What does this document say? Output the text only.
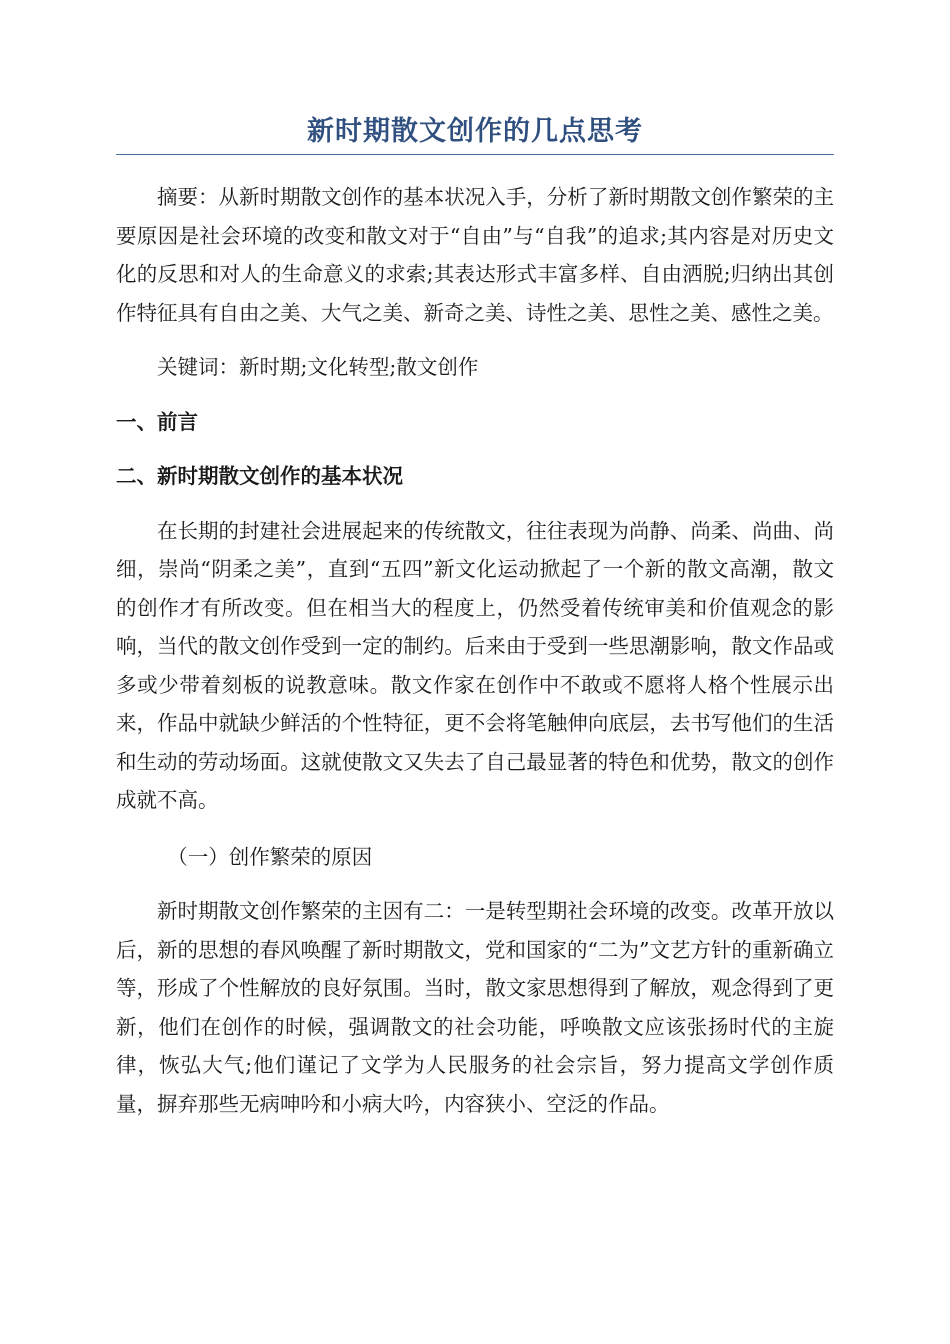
新时期散文创作的几点思考

摘要：从新时期散文创作的基本状况入手，分析了新时期散文创作繁荣的主要原因是社会环境的改变和散文对于“自由”与“自我”的追求;其内容是对历史文化的反思和对人的生命意义的求索;其表达形式丰富多样、自由洒脱;归纳出其创作特征具有自由之美、大气之美、新奇之美、诗性之美、思性之美、感性之美。

关键词：新时期;文化转型;散文创作

一、前言

二、新时期散文创作的基本状况

在长期的封建社会进展起来的传统散文，往往表现为尚静、尚柔、尚曲、尚细，崇尚“阴柔之美”，直到“五四”新文化运动掀起了一个新的散文高潮，散文的创作才有所改变。但在相当大的程度上，仍然受着传统审美和价值观念的影响，当代的散文创作受到一定的制约。后来由于受到一些思潮影响，散文作品或多或少带着刻板的说教意味。散文作家在创作中不敢或不愿将人格个性展示出来，作品中就缺少鲜活的个性特征，更不会将笔触伸向底层，去书写他们的生活和生动的劳动场面。这就使散文又失去了自己最显著的特色和优势，散文的创作成就不高。

（一）创作繁荣的原因

新时期散文创作繁荣的主因有二：一是转型期社会环境的改变。改革开放以后，新的思想的春风唤醒了新时期散文，党和国家的“二为”文艺方针的重新确立等，形成了个性解放的良好氛围。当时，散文家思想得到了解放，观念得到了更新，他们在创作的时候，强调散文的社会功能，呼唤散文应该张扬时代的主旋律，恢弘大气;他们谨记了文学为人民服务的社会宗旨，努力提高文学创作质量，摒弃那些无病呻吟和小病大吟，内容狭小、空泛的作品。
